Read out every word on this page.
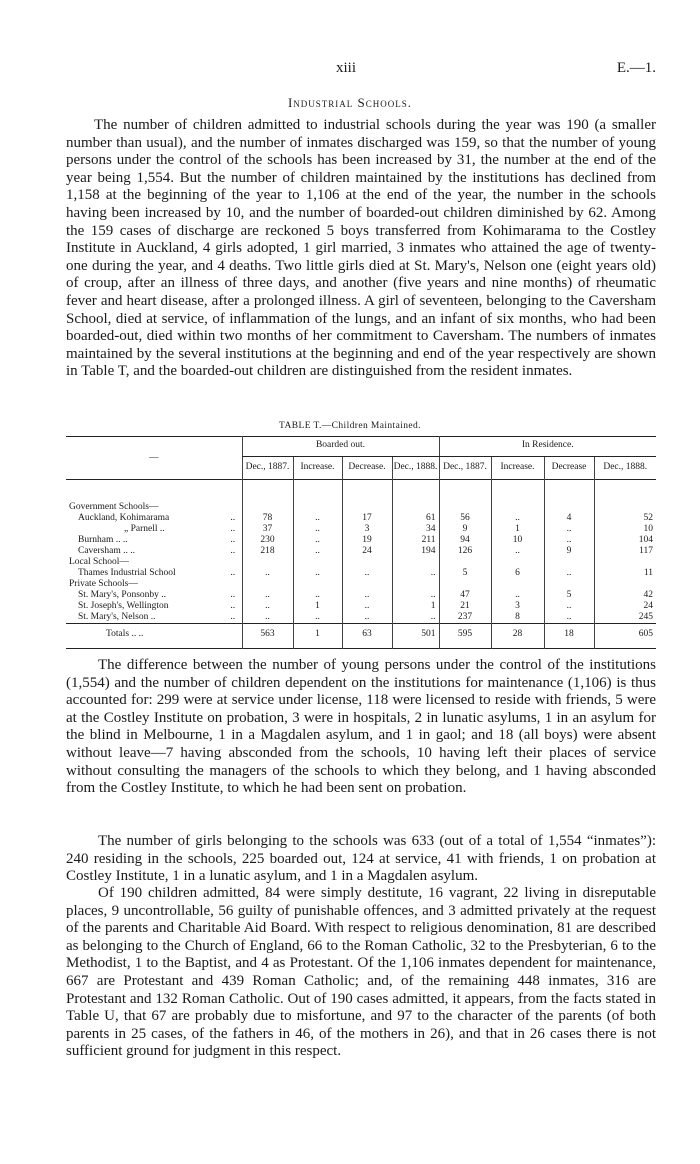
xiii	E.—1.
Industrial Schools.
The number of children admitted to industrial schools during the year was 190 (a smaller number than usual), and the number of inmates discharged was 159, so that the number of young persons under the control of the schools has been increased by 31, the number at the end of the year being 1,554. But the number of children maintained by the institutions has declined from 1,158 at the beginning of the year to 1,106 at the end of the year, the number in the schools having been increased by 10, and the number of boarded-out children diminished by 62. Among the 159 cases of discharge are reckoned 5 boys transferred from Kohimarama to the Costley Institute in Auckland, 4 girls adopted, 1 girl married, 3 inmates who attained the age of twenty-one during the year, and 4 deaths. Two little girls died at St. Mary's, Nelson one (eight years old) of croup, after an illness of three days, and another (five years and nine months) of rheumatic fever and heart disease, after a prolonged illness. A girl of seventeen, belonging to the Caversham School, died at service, of inflammation of the lungs, and an infant of six months, who had been boarded-out, died within two months of her commitment to Caversham. The numbers of inmates maintained by the several institutions at the beginning and end of the year respectively are shown in Table T, and the boarded-out children are distinguished from the resident inmates.
TABLE T.—Children Maintained.
—		Boarded out.				In Residence.			
		Dec., 1887.	Increase.	Decrease.	Dec., 1888.	Dec., 1887.	Increase.	Decrease	Dec., 1888.

Government Schools—									
Auckland, Kohimarama	..	78	..	17	61	56	..	4	52
„ Parnell ..	..	37	..	3	34	9	1	..	10
Burnham .. ..	..	230	..	19	211	94	10	..	104
Caversham .. ..	..	218	..	24	194	126	..	9	117
Local School—									
Thames Industrial School	..	..	..	..	..	5	6	..	11
Private Schools—									
St. Mary's, Ponsonby ..	..	..	..	..	..	47	..	5	42
St. Joseph's, Wellington	..	..	1	..	1	21	3	..	24
St. Mary's, Nelson ..	..	..	..	..	..	237	8	..	245
Totals .. ..		563	1	63	501	595	28	18	605
The difference between the number of young persons under the control of the institutions (1,554) and the number of children dependent on the institutions for maintenance (1,106) is thus accounted for: 299 were at service under license, 118 were licensed to reside with friends, 5 were at the Costley Institute on probation, 3 were in hospitals, 2 in lunatic asylums, 1 in an asylum for the blind in Melbourne, 1 in a Magdalen asylum, and 1 in gaol; and 18 (all boys) were absent without leave—7 having absconded from the schools, 10 having left their places of service without consulting the managers of the schools to which they belong, and 1 having absconded from the Costley Institute, to which he had been sent on probation.
The number of girls belonging to the schools was 633 (out of a total of 1,554 “inmates”): 240 residing in the schools, 225 boarded out, 124 at service, 41 with friends, 1 on probation at Costley Institute, 1 in a lunatic asylum, and 1 in a Magdalen asylum.
Of 190 children admitted, 84 were simply destitute, 16 vagrant, 22 living in disreputable places, 9 uncontrollable, 56 guilty of punishable offences, and 3 admitted privately at the request of the parents and Charitable Aid Board. With respect to religious denomination, 81 are described as belonging to the Church of England, 66 to the Roman Catholic, 32 to the Presbyterian, 6 to the Methodist, 1 to the Baptist, and 4 as Protestant. Of the 1,106 inmates dependent for maintenance, 667 are Protestant and 439 Roman Catholic; and, of the remaining 448 inmates, 316 are Protestant and 132 Roman Catholic. Out of 190 cases admitted, it appears, from the facts stated in Table U, that 67 are probably due to misfortune, and 97 to the character of the parents (of both parents in 25 cases, of the fathers in 46, of the mothers in 26), and that in 26 cases there is not sufficient ground for judgment in this respect.
